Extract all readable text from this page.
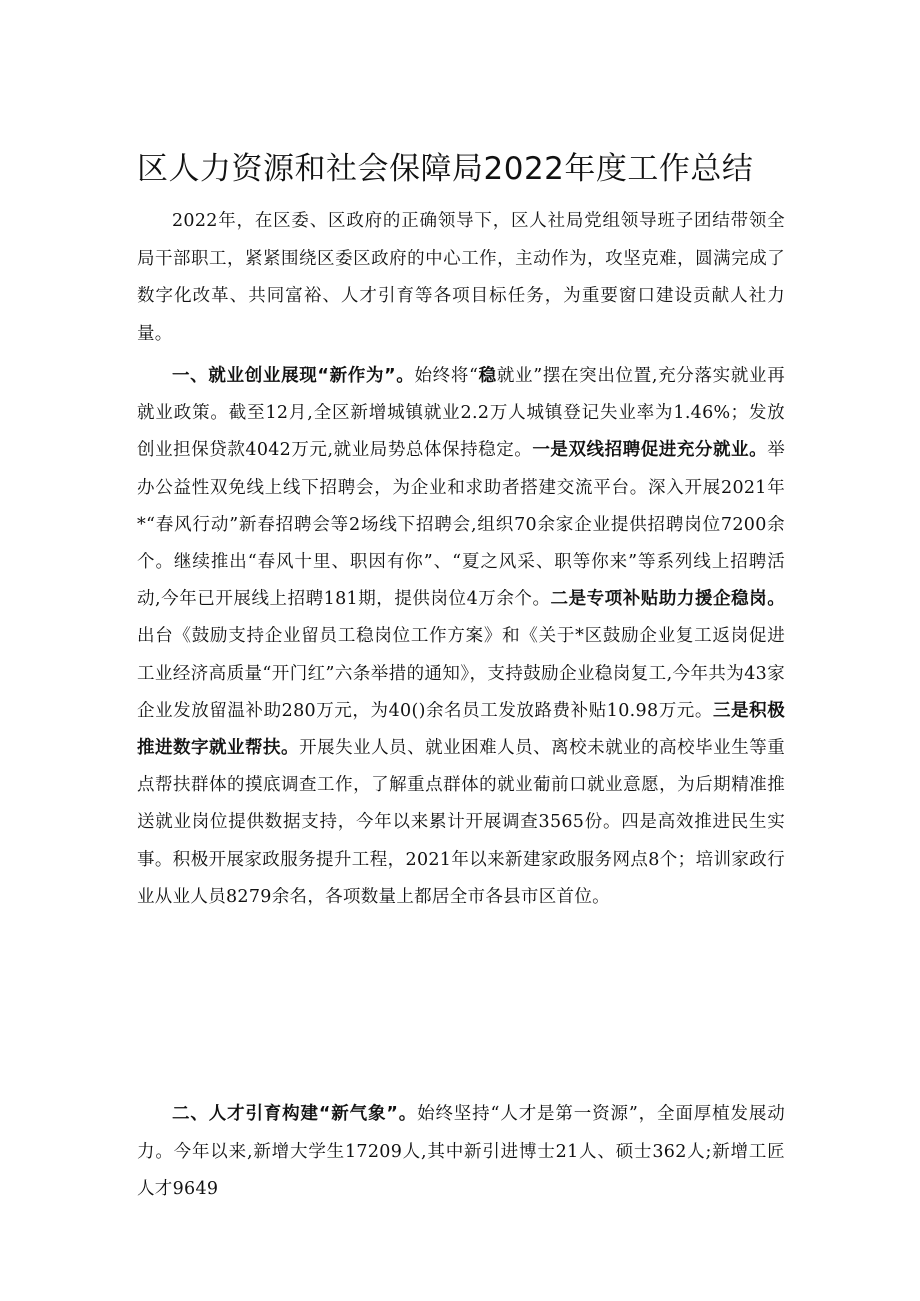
区人力资源和社会保障局2022年度工作总结

2022年，在区委、区政府的正确领导下，区人社局党组领导班子团结带领全局干部职工，紧紧围绕区委区政府的中心工作，主动作为，攻坚克难，圆满完成了数字化改革、共同富裕、人才引育等各项目标任务，为重要窗口建设贡献人社力量。

一、就业创业展现“新作为”。始终将“稳就业”摆在突出位置,充分落实就业再就业政策。截至12月,全区新增城镇就业2.2万人城镇登记失业率为1.46%；发放创业担保贷款4042万元,就业局势总体保持稳定。一是双线招聘促进充分就业。举办公益性双免线上线下招聘会，为企业和求助者搭建交流平台。深入开展2021年*“春风行动”新春招聘会等2场线下招聘会,组织70余家企业提供招聘岗位7200余个。继续推出“春风十里、职因有你”、“夏之风采、职等你来”等系列线上招聘活动,今年已开展线上招聘181期，提供岗位4万余个。二是专项补贴助力援企稳岗。出台《鼓励支持企业留员工稳岗位工作方案》和《关于*区鼓励企业复工返岗促进工业经济高质量“开门红”六条举措的通知》，支持鼓励企业稳岗复工,今年共为43家企业发放留温补助280万元，为40()余名员工发放路费补贴10.98万元。三是积极推进数字就业帮扶。开展失业人员、就业困难人员、离校未就业的高校毕业生等重点帮扶群体的摸底调查工作，了解重点群体的就业葡前口就业意愿，为后期精准推送就业岗位提供数据支持，今年以来累计开展调查3565份。四是高效推进民生实事。积极开展家政服务提升工程，2021年以来新建家政服务网点8个；培训家政行业从业人员8279余名，各项数量上都居全市各县市区首位。

二、人才引育构建“新气象”。始终坚持“人才是第一资源”，全面厚植发展动力。今年以来,新增大学生17209人,其中新引进博士21人、硕士362人;新增工匠人才9649
